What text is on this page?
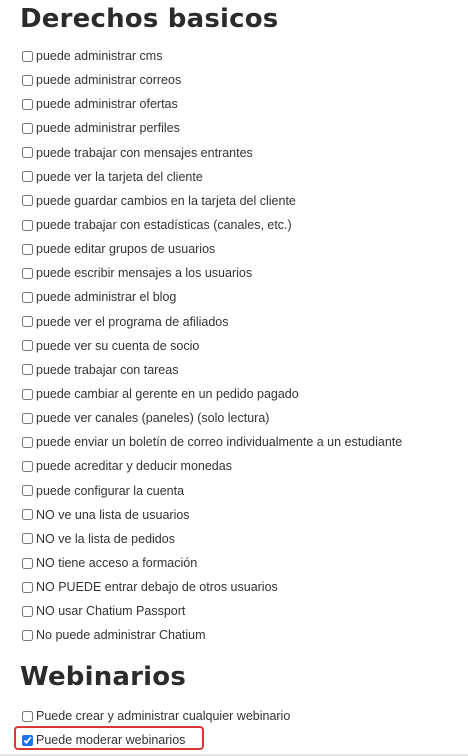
Derechos basicos
puede administrar cms
puede administrar correos
puede administrar ofertas
puede administrar perfiles
puede trabajar con mensajes entrantes
puede ver la tarjeta del cliente
puede guardar cambios en la tarjeta del cliente
puede trabajar con estadísticas (canales, etc.)
puede editar grupos de usuarios
puede escribir mensajes a los usuarios
puede administrar el blog
puede ver el programa de afiliados
puede ver su cuenta de socio
puede trabajar con tareas
puede cambiar al gerente en un pedido pagado
puede ver canales (paneles) (solo lectura)
puede enviar un boletín de correo individualmente a un estudiante
puede acreditar y deducir monedas
puede configurar la cuenta
NO ve una lista de usuarios
NO ve la lista de pedidos
NO tiene acceso a formación
NO PUEDE entrar debajo de otros usuarios
NO usar Chatium Passport
No puede administrar Chatium
Webinarios
Puede crear y administrar cualquier webinario
Puede moderar webinarios
